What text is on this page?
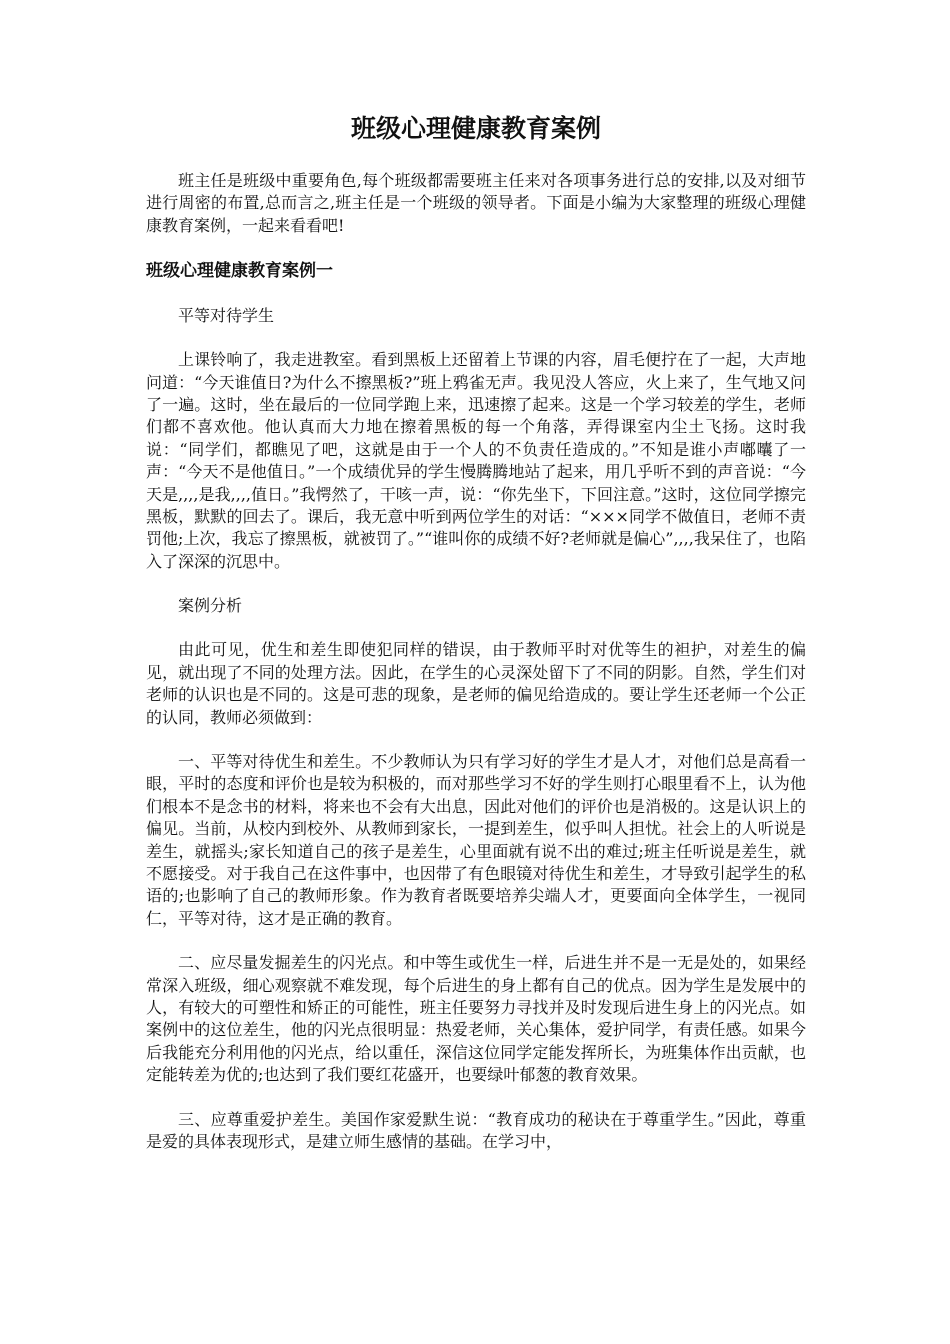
班级心理健康教育案例

班主任是班级中重要角色,每个班级都需要班主任来对各项事务进行总的安排,以及对细节进行周密的布置,总而言之,班主任是一个班级的领导者。下面是小编为大家整理的班级心理健康教育案例，一起来看看吧!

班级心理健康教育案例一

平等对待学生

上课铃响了，我走进教室。看到黑板上还留着上节课的内容，眉毛便拧在了一起，大声地问道：“今天谁值日?为什么不擦黑板?”班上鸦雀无声。我见没人答应，火上来了，生气地又问了一遍。这时，坐在最后的一位同学跑上来，迅速擦了起来。这是一个学习较差的学生，老师们都不喜欢他。他认真而大力地在擦着黑板的每一个角落，弄得课室内尘土飞扬。这时我说：“同学们，都瞧见了吧，这就是由于一个人的不负责任造成的。”不知是谁小声嘟囔了一声：“今天不是他值日。”一个成绩优异的学生慢腾腾地站了起来，用几乎听不到的声音说：“今天是,,,,是我,,,,值日。”我愕然了，干咳一声，说：“你先坐下，下回注意。”这时，这位同学擦完黑板，默默的回去了。课后，我无意中听到两位学生的对话：“×××同学不做值日，老师不责罚他;上次，我忘了擦黑板，就被罚了。”“谁叫你的成绩不好?老师就是偏心”,,,,我呆住了，也陷入了深深的沉思中。

案例分析

由此可见，优生和差生即使犯同样的错误，由于教师平时对优等生的袒护，对差生的偏见，就出现了不同的处理方法。因此，在学生的心灵深处留下了不同的阴影。自然，学生们对老师的认识也是不同的。这是可悲的现象，是老师的偏见给造成的。要让学生还老师一个公正的认同，教师必须做到：

一、平等对待优生和差生。不少教师认为只有学习好的学生才是人才，对他们总是高看一眼，平时的态度和评价也是较为积极的，而对那些学习不好的学生则打心眼里看不上，认为他们根本不是念书的材料，将来也不会有大出息，因此对他们的评价也是消极的。这是认识上的偏见。当前，从校内到校外、从教师到家长，一提到差生，似乎叫人担忧。社会上的人听说是差生，就摇头;家长知道自己的孩子是差生，心里面就有说不出的难过;班主任听说是差生，就不愿接受。对于我自己在这件事中，也因带了有色眼镜对待优生和差生，才导致引起学生的私语的;也影响了自己的教师形象。作为教育者既要培养尖端人才，更要面向全体学生，一视同仁，平等对待，这才是正确的教育。

二、应尽量发掘差生的闪光点。和中等生或优生一样，后进生并不是一无是处的，如果经常深入班级，细心观察就不难发现，每个后进生的身上都有自己的优点。因为学生是发展中的人，有较大的可塑性和矫正的可能性，班主任要努力寻找并及时发现后进生身上的闪光点。如案例中的这位差生，他的闪光点很明显：热爱老师，关心集体，爱护同学，有责任感。如果今后我能充分利用他的闪光点，给以重任，深信这位同学定能发挥所长，为班集体作出贡献，也定能转差为优的;也达到了我们要红花盛开，也要绿叶郁葱的教育效果。

三、应尊重爱护差生。美国作家爱默生说：“教育成功的秘诀在于尊重学生。”因此，尊重是爱的具体表现形式，是建立师生感情的基础。在学习中，
